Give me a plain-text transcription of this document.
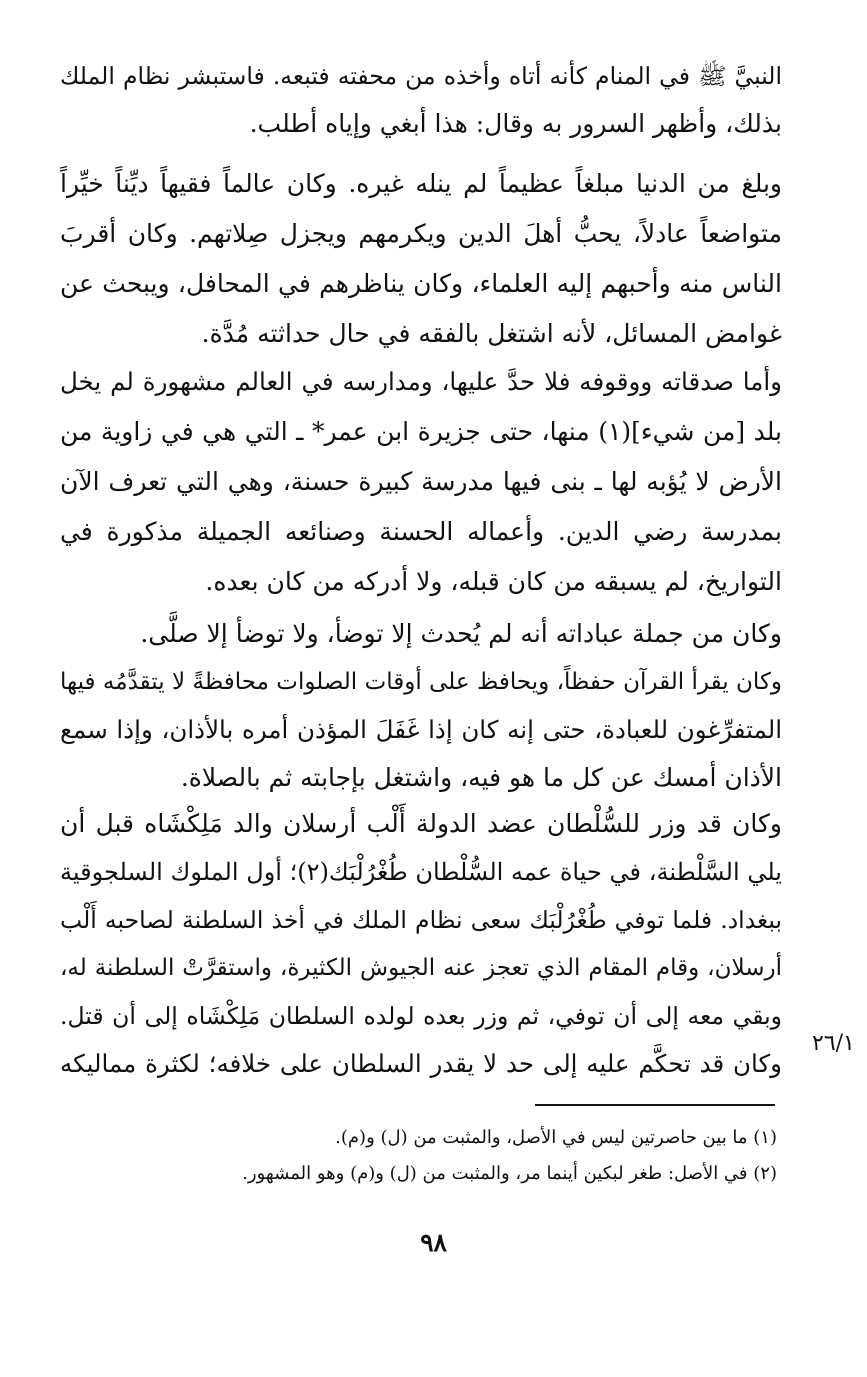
النبيَّ ﷺ في المنام كأنه أتاه وأخذه من محفته فتبعه. فاستبشر نظام الملك
بذلك، وأظهر السرور به وقال: هذا أبغي وإياه أطلب.
وبلغ من الدنيا مبلغاً عظيماً لم ينله غيره. وكان عالماً فقيهاً ديِّناً خيِّراً
متواضعاً عادلاً، يحبُّ أهلَ الدين ويكرمهم ويجزل صِلاتهم. وكان أقربَ
الناس منه وأحبهم إليه العلماء، وكان يناظرهم في المحافل، ويبحث عن
غوامض المسائل، لأنه اشتغل بالفقه في حال حداثته مُدَّة.
وأما صدقاته ووقوفه فلا حدَّ عليها، ومدارسه في العالم مشهورة لم يخل
بلد [من شيء](١) منها، حتى جزيرة ابن عمر* ـ التي هي في زاوية من
الأرض لا يُؤبه لها ـ بنى فيها مدرسة كبيرة حسنة، وهي التي تعرف الآن
بمدرسة رضي الدين. وأعماله الحسنة وصنائعه الجميلة مذكورة في
التواريخ، لم يسبقه من كان قبله، ولا أدركه من كان بعده.
وكان من جملة عباداته أنه لم يُحدث إلا توضأ، ولا توضأ إلا صلَّى.
وكان يقرأ القرآن حفظاً، ويحافظ على أوقات الصلوات محافظةً لا يتقدَّمُه فيها
المتفرِّغون للعبادة، حتى إنه كان إذا غَفَلَ المؤذن أمره بالأذان، وإذا سمع
الأذان أمسك عن كل ما هو فيه، واشتغل بإجابته ثم بالصلاة.
وكان قد وزر للسُّلْطان عضد الدولة أَلْب أرسلان والد مَلِكْشَاه قبل أن
يلي السَّلْطنة، في حياة عمه السُّلْطان طُغْرُلْبَك(٢)؛ أول الملوك السلجوقية
ببغداد. فلما توفي طُغْرُلْبَك سعى نظام الملك في أخذ السلطنة لصاحبه أَلْب
أرسلان، وقام المقام الذي تعجز عنه الجيوش الكثيرة، واستقرَّتْ السلطنة له،
وبقي معه إلى أن توفي، ثم وزر بعده لولده السلطان مَلِكْشَاه إلى أن قتل.
وكان قد تحكَّم عليه إلى حد لا يقدر السلطان على خلافه؛ لكثرة مماليكه
٢٦/١
(١) ما بين حاصرتين ليس في الأصل، والمثبت من (ل) و(م).
(٢) في الأصل: طغر لبكين أينما مر، والمثبت من (ل) و(م) وهو المشهور.
٩٨
